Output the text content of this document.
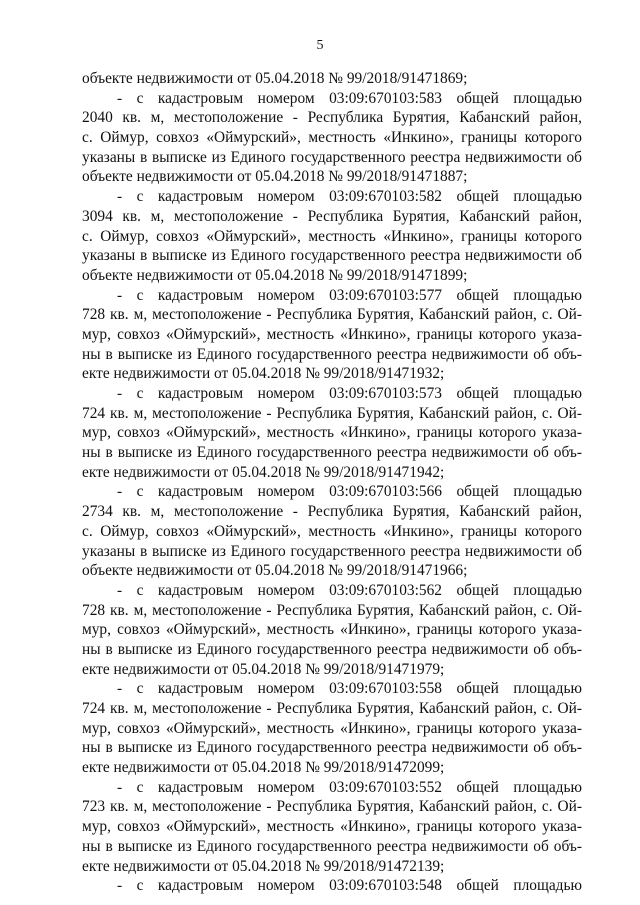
5
объекте недвижимости от 05.04.2018 № 99/2018/91471869;
- с кадастровым номером 03:09:670103:583 общей площадью
2040 кв. м, местоположение - Республика Бурятия, Кабанский район,
с. Оймур, совхоз «Оймурский», местность «Инкино», границы которого
указаны в выписке из Единого государственного реестра недвижимости об
объекте недвижимости от 05.04.2018 № 99/2018/91471887;
- с кадастровым номером 03:09:670103:582 общей площадью
3094 кв. м, местоположение - Республика Бурятия, Кабанский район,
с. Оймур, совхоз «Оймурский», местность «Инкино», границы которого
указаны в выписке из Единого государственного реестра недвижимости об
объекте недвижимости от 05.04.2018 № 99/2018/91471899;
- с кадастровым номером 03:09:670103:577 общей площадью
728 кв. м, местоположение - Республика Бурятия, Кабанский район, с. Ой-
мур, совхоз «Оймурский», местность «Инкино», границы которого указа-
ны в выписке из Единого государственного реестра недвижимости об объ-
екте недвижимости от 05.04.2018 № 99/2018/91471932;
- с кадастровым номером 03:09:670103:573 общей площадью
724 кв. м, местоположение - Республика Бурятия, Кабанский район, с. Ой-
мур, совхоз «Оймурский», местность «Инкино», границы которого указа-
ны в выписке из Единого государственного реестра недвижимости об объ-
екте недвижимости от 05.04.2018 № 99/2018/91471942;
- с кадастровым номером 03:09:670103:566 общей площадью
2734 кв. м, местоположение - Республика Бурятия, Кабанский район,
с. Оймур, совхоз «Оймурский», местность «Инкино», границы которого
указаны в выписке из Единого государственного реестра недвижимости об
объекте недвижимости от 05.04.2018 № 99/2018/91471966;
- с кадастровым номером 03:09:670103:562 общей площадью
728 кв. м, местоположение - Республика Бурятия, Кабанский район, с. Ой-
мур, совхоз «Оймурский», местность «Инкино», границы которого указа-
ны в выписке из Единого государственного реестра недвижимости об объ-
екте недвижимости от 05.04.2018 № 99/2018/91471979;
- с кадастровым номером 03:09:670103:558 общей площадью
724 кв. м, местоположение - Республика Бурятия, Кабанский район, с. Ой-
мур, совхоз «Оймурский», местность «Инкино», границы которого указа-
ны в выписке из Единого государственного реестра недвижимости об объ-
екте недвижимости от 05.04.2018 № 99/2018/91472099;
- с кадастровым номером 03:09:670103:552 общей площадью
723 кв. м, местоположение - Республика Бурятия, Кабанский район, с. Ой-
мур, совхоз «Оймурский», местность «Инкино», границы которого указа-
ны в выписке из Единого государственного реестра недвижимости об объ-
екте недвижимости от 05.04.2018 № 99/2018/91472139;
- с кадастровым номером 03:09:670103:548 общей площадью
